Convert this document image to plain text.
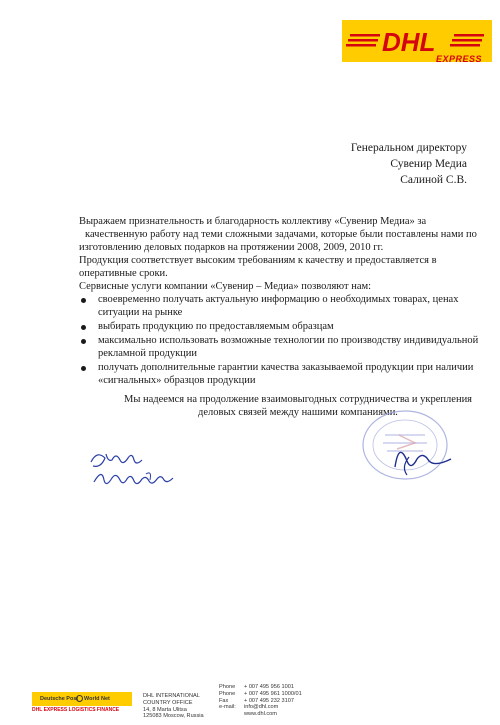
DHL
EXPRESS
Генеральном директору
Сувенир Медиа
Салиной С.В.
Выражаем признательность и благодарность коллективу «Сувенир Медиа» за
качественную работу над теми сложными задачами, которые были поставлены нами по
изготовлению деловых подарков на протяжении 2008, 2009, 2010 гг.
Продукция соответствует высоким требованиям к качеству и предоставляется в
оперативные сроки.
Сервисные услуги компании «Сувенир – Медиа» позволяют нам:
своевременно получать актуальную информацию о необходимых товарах, ценах ситуации на рынке
выбирать продукцию по предоставляемым образцам
максимально использовать возможные технологии по производству индивидуальной рекламной продукции
получать дополнительные гарантии качества заказываемой продукции при наличии «сигнальных» образцов продукции
Мы надеемся на продолжение взаимовыгодных сотрудничества и укрепления деловых связей между нашими компаниями.
Deutsche Post World Net
DHL EXPRESS LOGISTICS FINANCE
DHL INTERNATIONAL
COUNTRY OFFICE
14, 8 Marta Ulitsa
125083 Moscow, Russia
Phone	+ 007 495 956 1001
Phone	+ 007 495 961 1000/01
Fax	+ 007 495 232 3107
e-mail:	info@dhl.com
www.dhl.com
